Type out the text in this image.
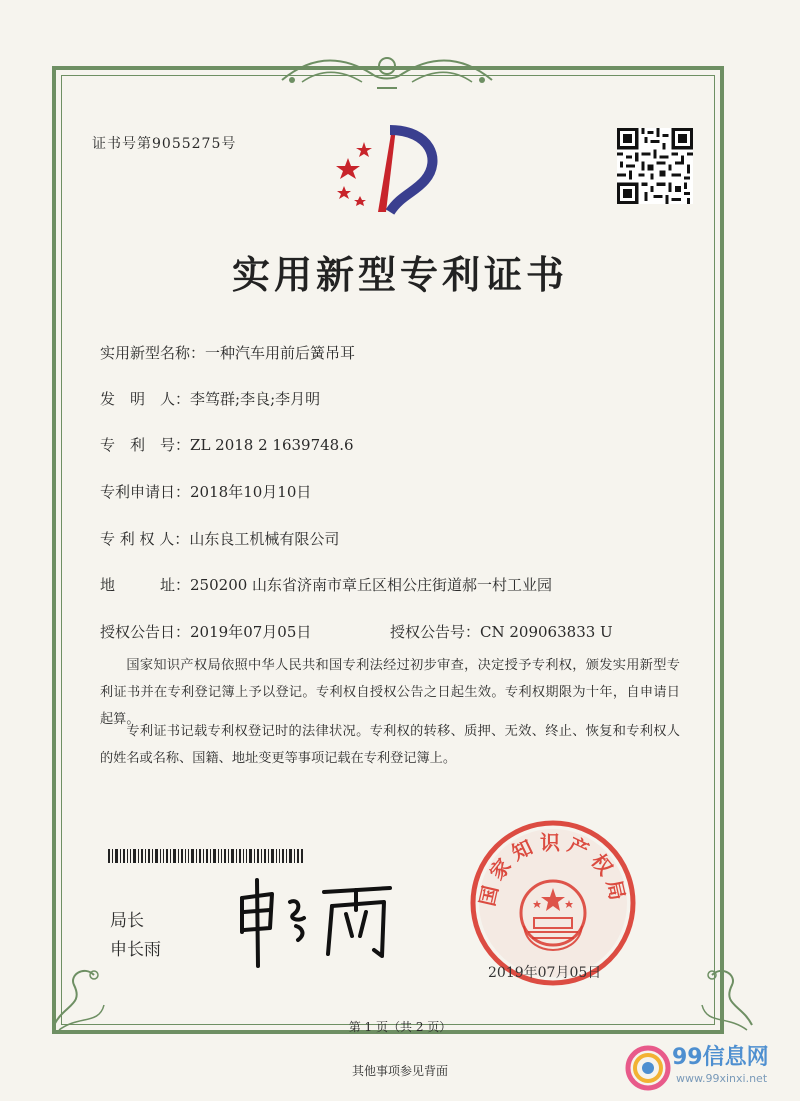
证书号第9055275号
实用新型专利证书
实用新型名称：一种汽车用前后簧吊耳
发　明　人：李笃群;李良;李月明
专　利　号：ZL 2018 2 1639748.6
专利申请日：2018年10月10日
专 利 权 人：山东良工机械有限公司
地　　　址：250200 山东省济南市章丘区相公庄街道郝一村工业园
授权公告日：2019年07月05日	授权公告号：CN 209063833 U
国家知识产权局依照中华人民共和国专利法经过初步审查，决定授予专利权，颁发实用新型专利证书并在专利登记簿上予以登记。专利权自授权公告之日起生效。专利权期限为十年，自申请日起算。
专利证书记载专利权登记时的法律状况。专利权的转移、质押、无效、终止、恢复和专利权人的姓名或名称、国籍、地址变更等事项记载在专利登记簿上。
局长
申长雨
国家知识产权局
2019年07月05日
第 1 页（共 2 页）
其他事项参见背面
99信息网
www.99xinxi.net
